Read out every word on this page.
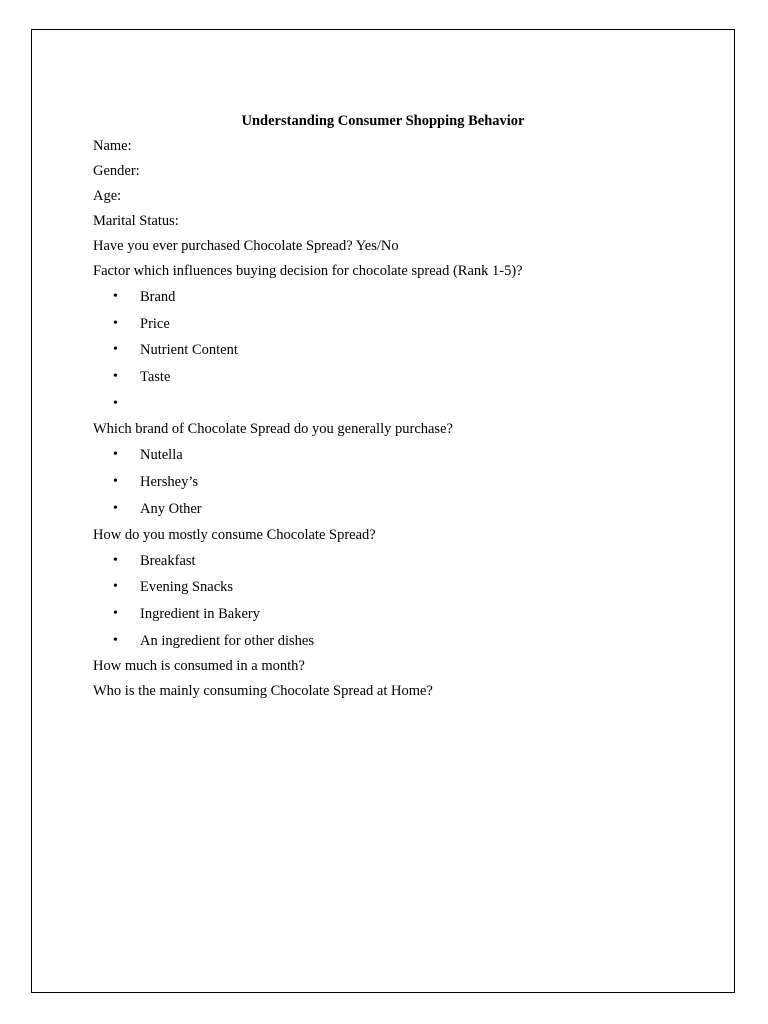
Understanding Consumer Shopping Behavior

Name:

Gender:

Age:

Marital Status:

Have you ever purchased Chocolate Spread? Yes/No

Factor which influences buying decision for chocolate spread (Rank 1-5)?

• Brand
• Price
• Nutrient Content
• Taste
•

Which brand of Chocolate Spread do you generally purchase?

• Nutella
• Hershey’s
• Any Other

How do you mostly consume Chocolate Spread?

• Breakfast
• Evening Snacks
• Ingredient in Bakery
• An ingredient for other dishes

How much is consumed in a month?

Who is the mainly consuming Chocolate Spread at Home?
